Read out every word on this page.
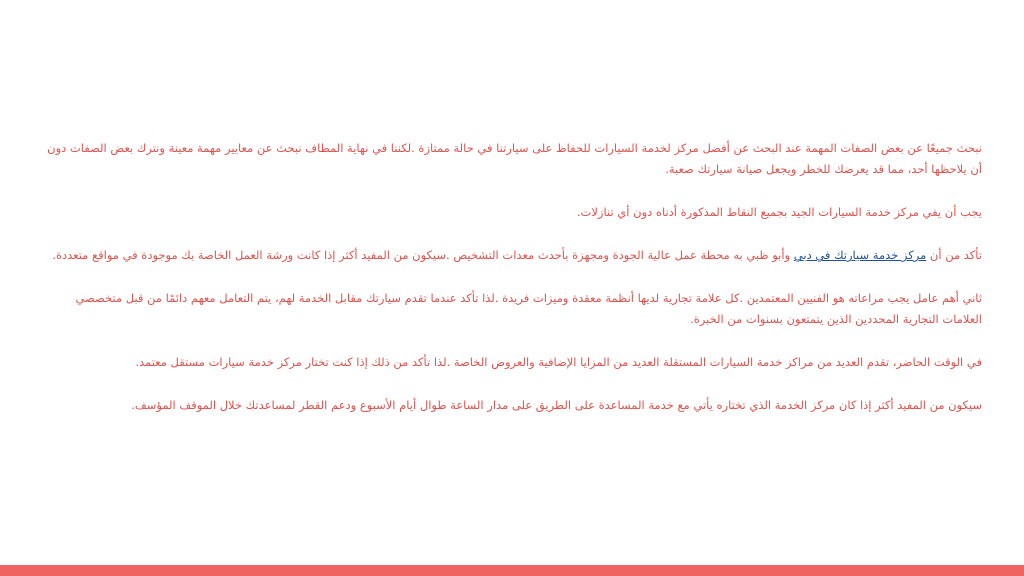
نبحث جميعًا عن بعض الصفات المهمة عند البحث عن أفضل مركز لخدمة السيارات للحفاظ على سيارتنا في حالة ممتازة .لكننا في نهاية المطاف نبحث عن معايير مهمة معينة ونترك بعض الصفات دون أن يلاحظها أحد، مما قد يعرضك للخطر ويجعل صيانة سيارتك صعبة.

يجب أن يفي مركز خدمة السيارات الجيد بجميع النقاط المذكورة أدناه دون أي تنازلات.

تأكد من أن مركز خدمة سيارتك في دبي وأبو ظبي به محطة عمل عالية الجودة ومجهزة بأحدث معدات التشخيص .سيكون من المفيد أكثر إذا كانت ورشة العمل الخاصة بك موجودة في مواقع متعددة.

ثاني أهم عامل يجب مراعاته هو الفنيين المعتمدين .كل علامة تجارية لديها أنظمة معقدة وميزات فريدة .لذا تأكد عندما تقدم سيارتك مقابل الخدمة لهم، يتم التعامل معهم دائمًا من قبل متخصصي العلامات التجارية المحددين الذين يتمتعون بسنوات من الخبرة.

في الوقت الحاضر، تقدم العديد من مراكز خدمة السيارات المستقلة العديد من المزايا الإضافية والعروض الخاصة .لذا تأكد من ذلك إذا كنت تختار مركز خدمة سيارات مستقل معتمد.

سيكون من المفيد أكثر إذا كان مركز الخدمة الذي تختاره يأتي مع خدمة المساعدة على الطريق على مدار الساعة طوال أيام الأسبوع ودعم القطر لمساعدتك خلال الموقف المؤسف.
